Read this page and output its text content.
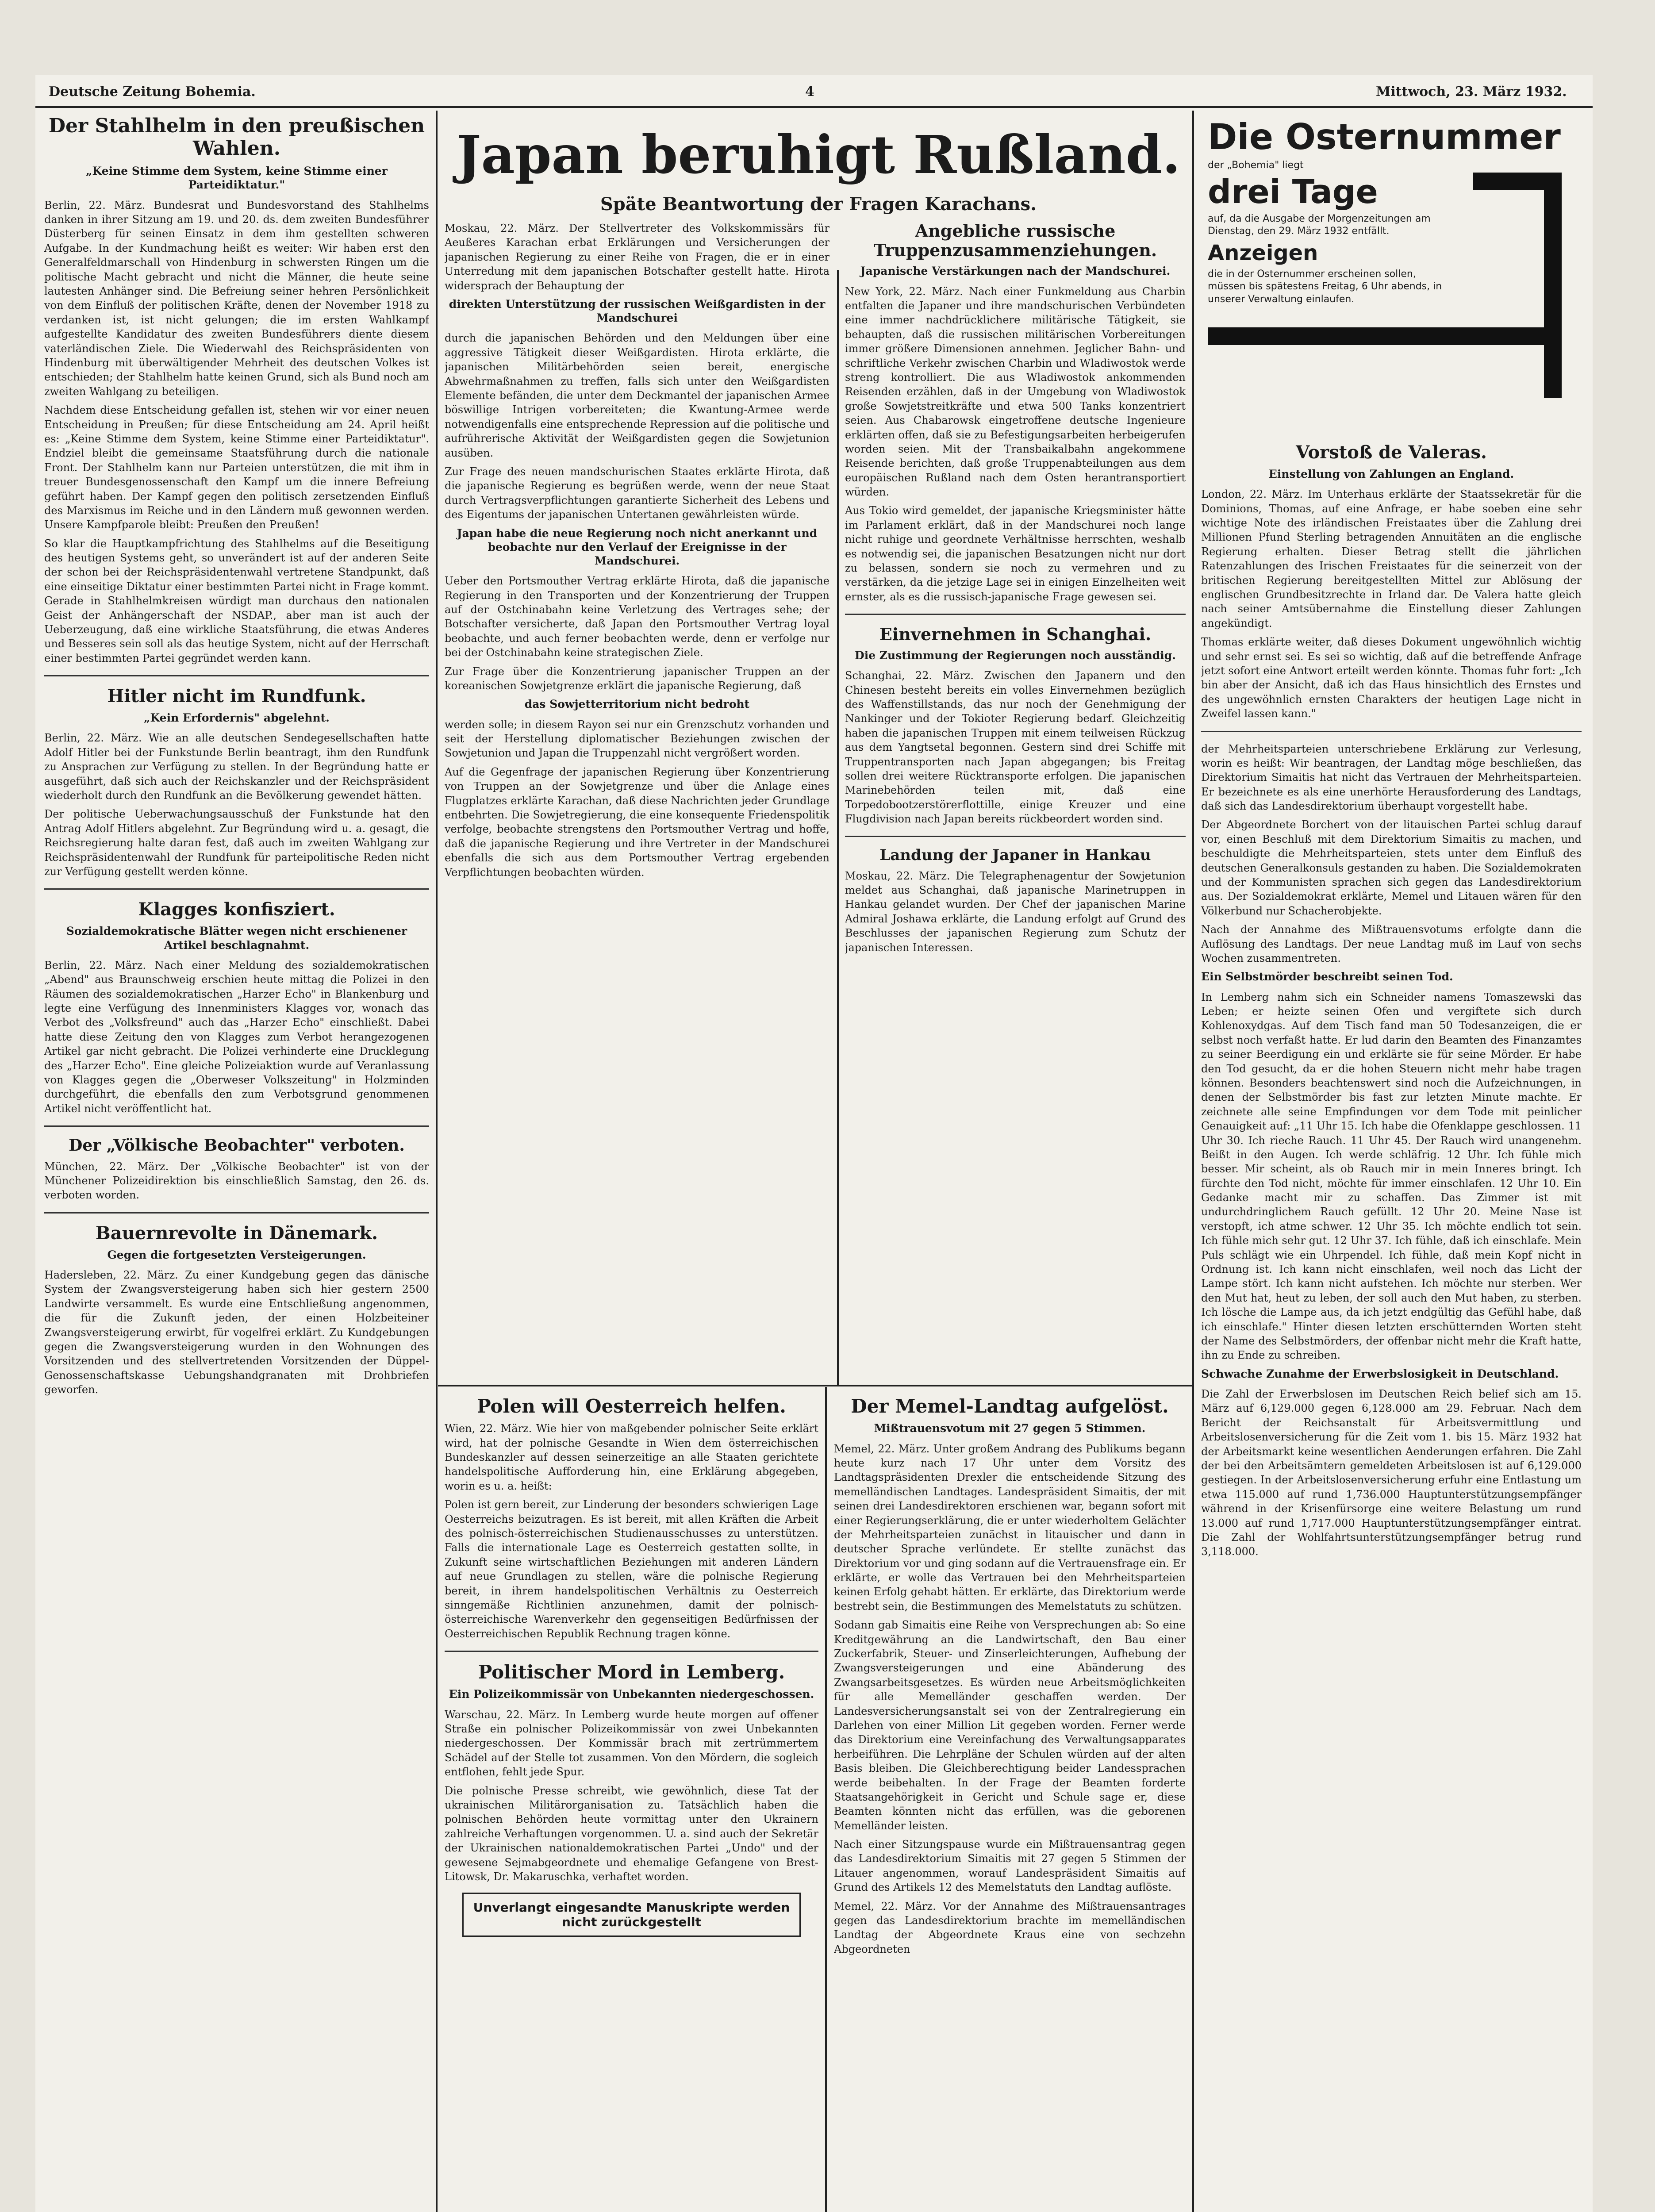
Deutsche Zeitung Bohemia.	4	Mittwoch, 23. März 1932.
Japan beruhigt Rußland.
Späte Beantwortung der Fragen Karachans.
Der Stahlhelm in den preußischen Wahlen.
„Keine Stimme dem System, keine Stimme einer Parteidiktatur."

Berlin, 22. März. Bundesrat und Bundesvorstand des Stahlhelms danken in ihrer Sitzung am 19. und 20. ds. dem zweiten Bundesführer Düsterberg für seinen Einsatz in dem ihm gestellten schweren Aufgabe. In der Kundmachung heißt es weiter: Wir haben erst den Generalfeldmarschall von Hindenburg in schwersten Ringen um die politische Macht gebracht und nicht die Männer, die heute seine lautesten Anhänger sind. Die Befreiung seiner hehren Persönlichkeit von dem Einfluß der politischen Kräfte, denen der November 1918 zu verdanken ist, ist nicht gelungen; die im ersten Wahlkampf aufgestellte Kandidatur des zweiten Bundesführers diente diesem vaterländischen Ziele. Die Wiederwahl des Reichspräsidenten von Hindenburg mit überwältigender Mehrheit des deutschen Volkes ist entschieden; der Stahlhelm hatte keinen Grund, sich als Bund noch am zweiten Wahlgang zu beteiligen.

Nachdem diese Entscheidung gefallen ist, stehen wir vor einer neuen Entscheidung in Preußen; für diese Entscheidung am 24. April heißt es: „Keine Stimme dem System, keine Stimme einer Parteidiktatur". Endziel bleibt die gemeinsame Staatsführung durch die nationale Front. Der Stahlhelm kann nur Parteien unterstützen, die mit ihm in treuer Bundesgenossenschaft den Kampf um die innere Befreiung geführt haben. Der Kampf gegen den politisch zersetzenden Einfluß des Marxismus im Reiche und in den Ländern muß gewonnen werden. Unsere Kampfparole bleibt: Preußen den Preußen!

So klar die Hauptkampfrichtung des Stahlhelms auf die Beseitigung des heutigen Systems geht, so unverändert ist auf der anderen Seite der schon bei der Reichspräsidentenwahl vertretene Standpunkt, daß eine einseitige Diktatur einer bestimmten Partei nicht in Frage kommt. Gerade in Stahlhelmkreisen würdigt man durchaus den nationalen Geist der Anhängerschaft der NSDAP., aber man ist auch der Ueberzeugung, daß eine wirkliche Staatsführung, die etwas Anderes und Besseres sein soll als das heutige System, nicht auf der Herrschaft einer bestimmten Partei gegründet werden kann.

Hitler nicht im Rundfunk.
„Kein Erfordernis" abgelehnt.

Berlin, 22. März. Wie an alle deutschen Sendegesellschaften hatte Adolf Hitler bei der Funkstunde Berlin beantragt, ihm den Rundfunk zu Ansprachen zur Verfügung zu stellen. In der Begründung hatte er ausgeführt, daß sich auch der Reichskanzler und der Reichspräsident wiederholt durch den Rundfunk an die Bevölkerung gewendet hätten.

Der politische Ueberwachungsausschuß der Funkstunde hat den Antrag Adolf Hitlers abgelehnt. Zur Begründung wird u. a. gesagt, die Reichsregierung halte daran fest, daß auch im zweiten Wahlgang zur Reichspräsidentenwahl der Rundfunk für parteipolitische Reden nicht zur Verfügung gestellt werden könne.

Klagges konfisziert.
Sozialdemokratische Blätter wegen nicht erschienener Artikel beschlagnahmt.

Berlin, 22. März. Nach einer Meldung des sozialdemokratischen „Abend" aus Braunschweig erschien heute mittag die Polizei in den Räumen des sozialdemokratischen „Harzer Echo" in Blankenburg und legte eine Verfügung des Innenministers Klagges vor, wonach das Verbot des „Volksfreund" auch das „Harzer Echo" einschließt. Dabei hatte diese Zeitung den von Klagges zum Verbot herangezogenen Artikel gar nicht gebracht. Die Polizei verhinderte eine Drucklegung des „Harzer Echo". Eine gleiche Polizeiaktion wurde auf Veranlassung von Klagges gegen die „Oberweser Volkszeitung" in Holzminden durchgeführt, die ebenfalls den zum Verbotsgrund genommenen Artikel nicht veröffentlicht hat.

Der „Völkische Beobachter" verboten.

München, 22. März. Der „Völkische Beobachter" ist von der Münchener Polizeidirektion bis einschließlich Samstag, den 26. ds. verboten worden.

Bauernrevolte in Dänemark.
Gegen die fortgesetzten Versteigerungen.

Hadersleben, 22. März. Zu einer Kundgebung gegen das dänische System der Zwangsversteigerung haben sich hier gestern 2500 Landwirte versammelt. Es wurde eine Entschließung angenommen, die für die Zukunft jeden, der einen Holzbeiteiner Zwangsversteigerung erwirbt, für vogelfrei erklärt. Zu Kundgebungen gegen die Zwangsversteigerung wurden in den Wohnungen des Vorsitzenden und des stellvertretenden Vorsitzenden der Düppel-Genossenschaftskasse Uebungshandgranaten mit Drohbriefen geworfen.

Moskau, 22. März. Der Stellvertreter des Volkskommissärs für Aeußeres Karachan erbat Erklärungen und Versicherungen der japanischen Regierung zu einer Reihe von Fragen, die er in einer Unterredung mit dem japanischen Botschafter gestellt hatte. Hirota widersprach der Behauptung der

direkten Unterstützung der russischen Weißgardisten in der Mandschurei

durch die japanischen Behörden und den Meldungen über eine aggressive Tätigkeit dieser Weißgardisten. Hirota erklärte, die japanischen Militärbehörden seien bereit, energische Abwehrmaßnahmen zu treffen, falls sich unter den Weißgardisten Elemente befänden, die unter dem Deckmantel der japanischen Armee böswillige Intrigen vorbereiteten; die Kwantung-Armee werde notwendigenfalls eine entsprechende Repression auf die politische und aufrührerische Aktivität der Weißgardisten gegen die Sowjetunion ausüben.

Zur Frage des neuen mandschurischen Staates erklärte Hirota, daß die japanische Regierung es begrüßen werde, wenn der neue Staat durch Vertragsverpflichtungen garantierte Sicherheit des Lebens und des Eigentums der japanischen Untertanen gewährleisten würde.

Japan habe die neue Regierung noch nicht anerkannt und beobachte nur den Verlauf der Ereignisse in der Mandschurei.

Ueber den Portsmouther Vertrag erklärte Hirota, daß die japanische Regierung in den Transporten und der Konzentrierung der Truppen auf der Ostchinabahn keine Verletzung des Vertrages sehe; der Botschafter versicherte, daß Japan den Portsmouther Vertrag loyal beobachte, und auch ferner beobachten werde, denn er verfolge nur bei der Ostchinabahn keine strategischen Ziele.

Zur Frage über die Konzentrierung japanischer Truppen an der koreanischen Sowjetgrenze erklärt die japanische Regierung, daß

das Sowjetterritorium nicht bedroht

werden solle; in diesem Rayon sei nur ein Grenzschutz vorhanden und seit der Herstellung diplomatischer Beziehungen zwischen der Sowjetunion und Japan die Truppenzahl nicht vergrößert worden.

Auf die Gegenfrage der japanischen Regierung über Konzentrierung von Truppen an der Sowjetgrenze und über die Anlage eines Flugplatzes erklärte Karachan, daß diese Nachrichten jeder Grundlage entbehrten. Die Sowjetregierung, die eine konsequente Friedenspolitik verfolge, beobachte strengstens den Portsmouther Vertrag und hoffe, daß die japanische Regierung und ihre Vertreter in der Mandschurei ebenfalls die sich aus dem Portsmouther Vertrag ergebenden Verpflichtungen beobachten würden.

Angebliche russische Truppenzusammenziehungen.
Japanische Verstärkungen nach der Mandschurei.

New York, 22. März. Nach einer Funkmeldung aus Charbin entfalten die Japaner und ihre mandschurischen Verbündeten eine immer nachdrücklichere militärische Tätigkeit, sie behaupten, daß die russischen militärischen Vorbereitungen immer größere Dimensionen annehmen. Jeglicher Bahn- und schriftliche Verkehr zwischen Charbin und Wladiwostok werde streng kontrolliert. Die aus Wladiwostok ankommenden Reisenden erzählen, daß in der Umgebung von Wladiwostok große Sowjetstreitkräfte und etwa 500 Tanks konzentriert seien. Aus Chabarowsk eingetroffene deutsche Ingenieure erklärten offen, daß sie zu Befestigungsarbeiten herbeigerufen worden seien. Mit der Transbaikalbahn angekommene Reisende berichten, daß große Truppenabteilungen aus dem europäischen Rußland nach dem Osten herantransportiert würden.

Aus Tokio wird gemeldet, der japanische Kriegsminister hätte im Parlament erklärt, daß in der Mandschurei noch lange nicht ruhige und geordnete Verhältnisse herrschten, weshalb es notwendig sei, die japanischen Besatzungen nicht nur dort zu belassen, sondern sie noch zu vermehren und zu verstärken, da die jetzige Lage sei in einigen Einzelheiten weit ernster, als es die russisch-japanische Frage gewesen sei.

Einvernehmen in Schanghai.
Die Zustimmung der Regierungen noch ausständig.

Schanghai, 22. März. Zwischen den Japanern und den Chinesen besteht bereits ein volles Einvernehmen bezüglich des Waffenstillstands, das nur noch der Genehmigung der Nankinger und der Tokioter Regierung bedarf. Gleichzeitig haben die japanischen Truppen mit einem teilweisen Rückzug aus dem Yangtsetal begonnen. Gestern sind drei Schiffe mit Truppentransporten nach Japan abgegangen; bis Freitag sollen drei weitere Rücktransporte erfolgen. Die japanischen Marinebehörden teilen mit, daß eine Torpedobootzerstörerflottille, einige Kreuzer und eine Flugdivision nach Japan bereits rückbeordert worden sind.

Landung der Japaner in Hankau

Moskau, 22. März. Die Telegraphenagentur der Sowjetunion meldet aus Schanghai, daß japanische Marinetruppen in Hankau gelandet wurden. Der Chef der japanischen Marine Admiral Joshawa erklärte, die Landung erfolgt auf Grund des Beschlusses der japanischen Regierung zum Schutz der japanischen Interessen.

Polen will Oesterreich helfen.

Wien, 22. März. Wie hier von maßgebender polnischer Seite erklärt wird, hat der polnische Gesandte in Wien dem österreichischen Bundeskanzler auf dessen seinerzeitige an alle Staaten gerichtete handelspolitische Aufforderung hin, eine Erklärung abgegeben, worin es u. a. heißt:

Polen ist gern bereit, zur Linderung der besonders schwierigen Lage Oesterreichs beizutragen. Es ist bereit, mit allen Kräften die Arbeit des polnisch-österreichischen Studienausschusses zu unterstützen. Falls die internationale Lage es Oesterreich gestatten sollte, in Zukunft seine wirtschaftlichen Beziehungen mit anderen Ländern auf neue Grundlagen zu stellen, wäre die polnische Regierung bereit, in ihrem handelspolitischen Verhältnis zu Oesterreich sinngemäße Richtlinien anzunehmen, damit der polnisch-österreichische Warenverkehr den gegenseitigen Bedürfnissen der Oesterreichischen Republik Rechnung tragen könne.

Politischer Mord in Lemberg.
Ein Polizeikommissär von Unbekannten niedergeschossen.

Warschau, 22. März. In Lemberg wurde heute morgen auf offener Straße ein polnischer Polizeikommissär von zwei Unbekannten niedergeschossen. Der Kommissär brach mit zertrümmertem Schädel auf der Stelle tot zusammen. Von den Mördern, die sogleich entflohen, fehlt jede Spur.

Die polnische Presse schreibt, wie gewöhnlich, diese Tat der ukrainischen Militärorganisation zu. Tatsächlich haben die polnischen Behörden heute vormittag unter den Ukrainern zahlreiche Verhaftungen vorgenommen. U. a. sind auch der Sekretär der Ukrainischen nationaldemokratischen Partei „Undo" und der gewesene Sejmabgeordnete und ehemalige Gefangene von Brest-Litowsk, Dr. Makaruschka, verhaftet worden.

Unverlangt eingesandte Manuskripte werden nicht zurückgestellt
Der Memel-Landtag aufgelöst.
Mißtrauensvotum mit 27 gegen 5 Stimmen.

Memel, 22. März. Unter großem Andrang des Publikums begann heute kurz nach 17 Uhr unter dem Vorsitz des Landtagspräsidenten Drexler die entscheidende Sitzung des memelländischen Landtages. Landespräsident Simaitis, der mit seinen drei Landesdirektoren erschienen war, begann sofort mit einer Regierungserklärung, die er unter wiederholtem Gelächter der Mehrheitsparteien zunächst in litauischer und dann in deutscher Sprache verlündete. Er stellte zunächst das Direktorium vor und ging sodann auf die Vertrauensfrage ein. Er erklärte, er wolle das Vertrauen bei den Mehrheitsparteien keinen Erfolg gehabt hätten. Er erklärte, das Direktorium werde bestrebt sein, die Bestimmungen des Memelstatuts zu schützen.

Sodann gab Simaitis eine Reihe von Versprechungen ab: So eine Kreditgewährung an die Landwirtschaft, den Bau einer Zuckerfabrik, Steuer- und Zinserleichterungen, Aufhebung der Zwangsversteigerungen und eine Abänderung des Zwangsarbeitsgesetzes. Es würden neue Arbeitsmöglichkeiten für alle Memelländer geschaffen werden. Der Landesversicherungsanstalt sei von der Zentralregierung ein Darlehen von einer Million Lit gegeben worden. Ferner werde das Direktorium eine Vereinfachung des Verwaltungsapparates herbeiführen. Die Lehrpläne der Schulen würden auf der alten Basis bleiben. Die Gleichberechtigung beider Landessprachen werde beibehalten. In der Frage der Beamten forderte Staatsangehörigkeit in Gericht und Schule sage er, diese Beamten könnten nicht das erfüllen, was die geborenen Memelländer leisten.

Nach einer Sitzungspause wurde ein Mißtrauensantrag gegen das Landesdirektorium Simaitis mit 27 gegen 5 Stimmen der Litauer angenommen, worauf Landespräsident Simaitis auf Grund des Artikels 12 des Memelstatuts den Landtag auflöste.

Memel, 22. März. Vor der Annahme des Mißtrauensantrages gegen das Landesdirektorium brachte im memelländischen Landtag der Abgeordnete Kraus eine von sechzehn Abgeordneten

Die Osternummer
der „Bohemia" liegt
drei Tage
auf, da die Ausgabe der Morgenzeitungen am Dienstag, den 29. März 1932 entfällt.
Anzeigen
die in der Osternummer erscheinen sollen, müssen bis spätestens Freitag, 6 Uhr abends, in unserer Verwaltung einlaufen.
Vorstoß de Valeras.
Einstellung von Zahlungen an England.

London, 22. März. Im Unterhaus erklärte der Staatssekretär für die Dominions, Thomas, auf eine Anfrage, er habe soeben eine sehr wichtige Note des irländischen Freistaates über die Zahlung drei Millionen Pfund Sterling betragenden Annuitäten an die englische Regierung erhalten. Dieser Betrag stellt die jährlichen Ratenzahlungen des Irischen Freistaates für die seinerzeit von der britischen Regierung bereitgestellten Mittel zur Ablösung der englischen Grundbesitzrechte in Irland dar. De Valera hatte gleich nach seiner Amtsübernahme die Einstellung dieser Zahlungen angekündigt.

Thomas erklärte weiter, daß dieses Dokument ungewöhnlich wichtig und sehr ernst sei. Es sei so wichtig, daß auf die betreffende Anfrage jetzt sofort eine Antwort erteilt werden könnte. Thomas fuhr fort: „Ich bin aber der Ansicht, daß ich das Haus hinsichtlich des Ernstes und des ungewöhnlich ernsten Charakters der heutigen Lage nicht in Zweifel lassen kann."

der Mehrheitsparteien unterschriebene Erklärung zur Verlesung, worin es heißt: Wir beantragen, der Landtag möge beschließen, das Direktorium Simaitis hat nicht das Vertrauen der Mehrheitsparteien. Er bezeichnete es als eine unerhörte Herausforderung des Landtags, daß sich das Landesdirektorium überhaupt vorgestellt habe.

Der Abgeordnete Borchert von der litauischen Partei schlug darauf vor, einen Beschluß mit dem Direktorium Simaitis zu machen, und beschuldigte die Mehrheitsparteien, stets unter dem Einfluß des deutschen Generalkonsuls gestanden zu haben. Die Sozialdemokraten und der Kommunisten sprachen sich gegen das Landesdirektorium aus. Der Sozialdemokrat erklärte, Memel und Litauen wären für den Völkerbund nur Schacherobjekte.

Nach der Annahme des Mißtrauensvotums erfolgte dann die Auflösung des Landtags. Der neue Landtag muß im Lauf von sechs Wochen zusammentreten.

Ein Selbstmörder beschreibt seinen Tod.

In Lemberg nahm sich ein Schneider namens Tomaszewski das Leben; er heizte seinen Ofen und vergiftete sich durch Kohlenoxydgas. Auf dem Tisch fand man 50 Todesanzeigen, die er selbst noch verfaßt hatte. Er lud darin den Beamten des Finanzamtes zu seiner Beerdigung ein und erklärte sie für seine Mörder. Er habe den Tod gesucht, da er die hohen Steuern nicht mehr habe tragen können. Besonders beachtenswert sind noch die Aufzeichnungen, in denen der Selbstmörder bis fast zur letzten Minute machte. Er zeichnete alle seine Empfindungen vor dem Tode mit peinlicher Genauigkeit auf: „11 Uhr 15. Ich habe die Ofenklappe geschlossen. 11 Uhr 30. Ich rieche Rauch. 11 Uhr 45. Der Rauch wird unangenehm. Beißt in den Augen. Ich werde schläfrig. 12 Uhr. Ich fühle mich besser. Mir scheint, als ob Rauch mir in mein Inneres bringt. Ich fürchte den Tod nicht, möchte für immer einschlafen. 12 Uhr 10. Ein Gedanke macht mir zu schaffen. Das Zimmer ist mit undurchdringlichem Rauch gefüllt. 12 Uhr 20. Meine Nase ist verstopft, ich atme schwer. 12 Uhr 35. Ich möchte endlich tot sein. Ich fühle mich sehr gut. 12 Uhr 37. Ich fühle, daß ich einschlafe. Mein Puls schlägt wie ein Uhrpendel. Ich fühle, daß mein Kopf nicht in Ordnung ist. Ich kann nicht einschlafen, weil noch das Licht der Lampe stört. Ich kann nicht aufstehen. Ich möchte nur sterben. Wer den Mut hat, heut zu leben, der soll auch den Mut haben, zu sterben. Ich lösche die Lampe aus, da ich jetzt endgültig das Gefühl habe, daß ich einschlafe." Hinter diesen letzten erschütternden Worten steht der Name des Selbstmörders, der offenbar nicht mehr die Kraft hatte, ihn zu Ende zu schreiben.

Schwache Zunahme der Erwerbslosigkeit in Deutschland.

Die Zahl der Erwerbslosen im Deutschen Reich belief sich am 15. März auf 6,129.000 gegen 6,128.000 am 29. Februar. Nach dem Bericht der Reichsanstalt für Arbeitsvermittlung und Arbeitslosenversicherung für die Zeit vom 1. bis 15. März 1932 hat der Arbeitsmarkt keine wesentlichen Aenderungen erfahren. Die Zahl der bei den Arbeitsämtern gemeldeten Arbeitslosen ist auf 6,129.000 gestiegen. In der Arbeitslosenversicherung erfuhr eine Entlastung um etwa 115.000 auf rund 1,736.000 Hauptunterstützungsempfänger während in der Krisenfürsorge eine weitere Belastung um rund 13.000 auf rund 1,717.000 Hauptunterstützungsempfänger eintrat. Die Zahl der Wohlfahrtsunterstützungsempfänger betrug rund 3,118.000.
